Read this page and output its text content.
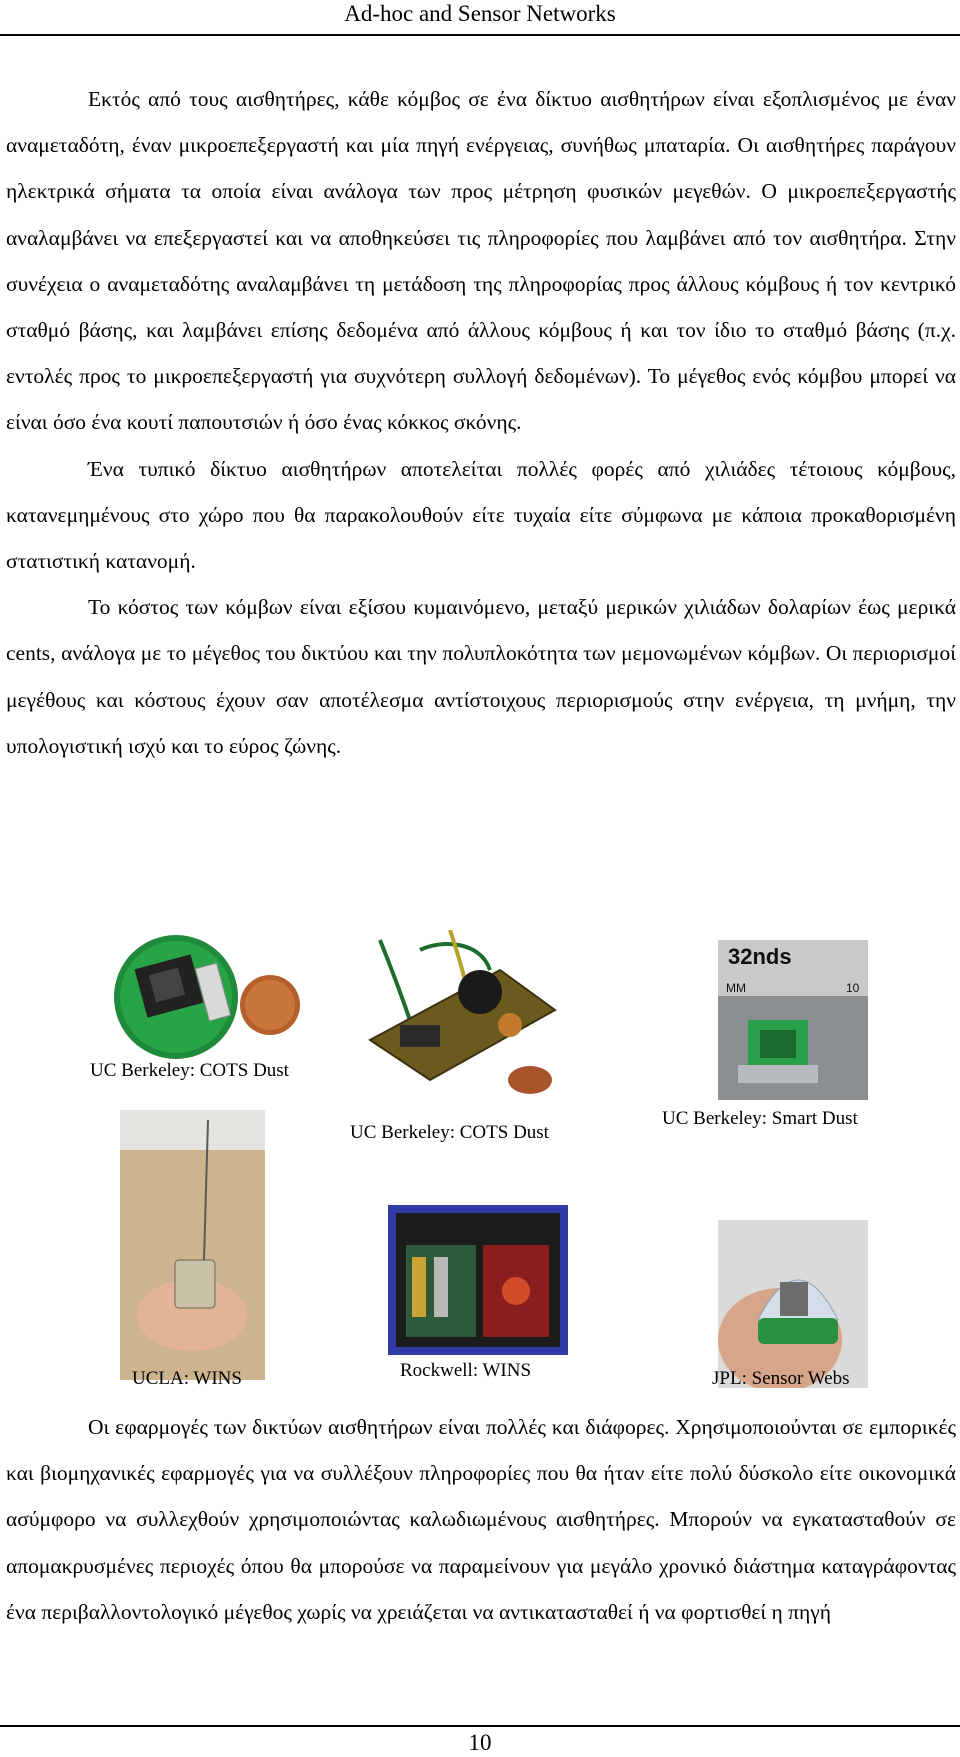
Ad-hoc and Sensor Networks

Εκτός από τους αισθητήρες, κάθε κόμβος σε ένα δίκτυο αισθητήρων είναι εξοπλισμένος με έναν αναμεταδότη, έναν μικροεπεξεργαστή και μία πηγή ενέργειας, συνήθως μπαταρία. Οι αισθητήρες παράγουν ηλεκτρικά σήματα τα οποία είναι ανάλογα των προς μέτρηση φυσικών μεγεθών. Ο μικροεπεξεργαστής αναλαμβάνει να επεξεργαστεί και να αποθηκεύσει τις πληροφορίες που λαμβάνει από τον αισθητήρα. Στην συνέχεια ο αναμεταδότης αναλαμβάνει τη μετάδοση της πληροφορίας προς άλλους κόμβους ή τον κεντρικό σταθμό βάσης, και λαμβάνει επίσης δεδομένα από άλλους κόμβους ή και τον ίδιο το σταθμό βάσης (π.χ. εντολές προς το μικροεπεξεργαστή για συχνότερη συλλογή δεδομένων). Το μέγεθος ενός κόμβου μπορεί να είναι όσο ένα κουτί παπουτσιών ή όσο ένας κόκκος σκόνης.

Ένα τυπικό δίκτυο αισθητήρων αποτελείται πολλές φορές από χιλιάδες τέτοιους κόμβους, κατανεμημένους στο χώρο που θα παρακολουθούν είτε τυχαία είτε σύμφωνα με κάποια προκαθορισμένη στατιστική κατανομή.

Το κόστος των κόμβων είναι εξίσου κυμαινόμενο, μεταξύ μερικών χιλιάδων δολαρίων έως μερικά cents, ανάλογα με το μέγεθος του δικτύου και την πολυπλοκότητα των μεμονωμένων κόμβων. Οι περιορισμοί μεγέθους και κόστους έχουν σαν αποτέλεσμα αντίστοιχους περιορισμούς στην ενέργεια, τη μνήμη, την υπολογιστική ισχύ και το εύρος ζώνης.

UC Berkeley: COTS Dust
UC Berkeley: COTS Dust
32nds
MM	10
UC Berkeley: Smart Dust
UCLA: WINS	Rockwell: WINS	JPL: Sensor Webs

Οι εφαρμογές των δικτύων αισθητήρων είναι πολλές και διάφορες. Χρησιμοποιούνται σε εμπορικές και βιομηχανικές εφαρμογές για να συλλέξουν πληροφορίες που θα ήταν είτε πολύ δύσκολο είτε οικονομικά ασύμφορο να συλλεχθούν χρησιμοποιώντας καλωδιωμένους αισθητήρες. Μπορούν να εγκατασταθούν σε απομακρυσμένες περιοχές όπου θα μπορούσε να παραμείνουν για μεγάλο χρονικό διάστημα καταγράφοντας ένα περιβαλλοντολογικό μέγεθος χωρίς να χρειάζεται να αντικατασταθεί ή να φορτισθεί η πηγή

10
